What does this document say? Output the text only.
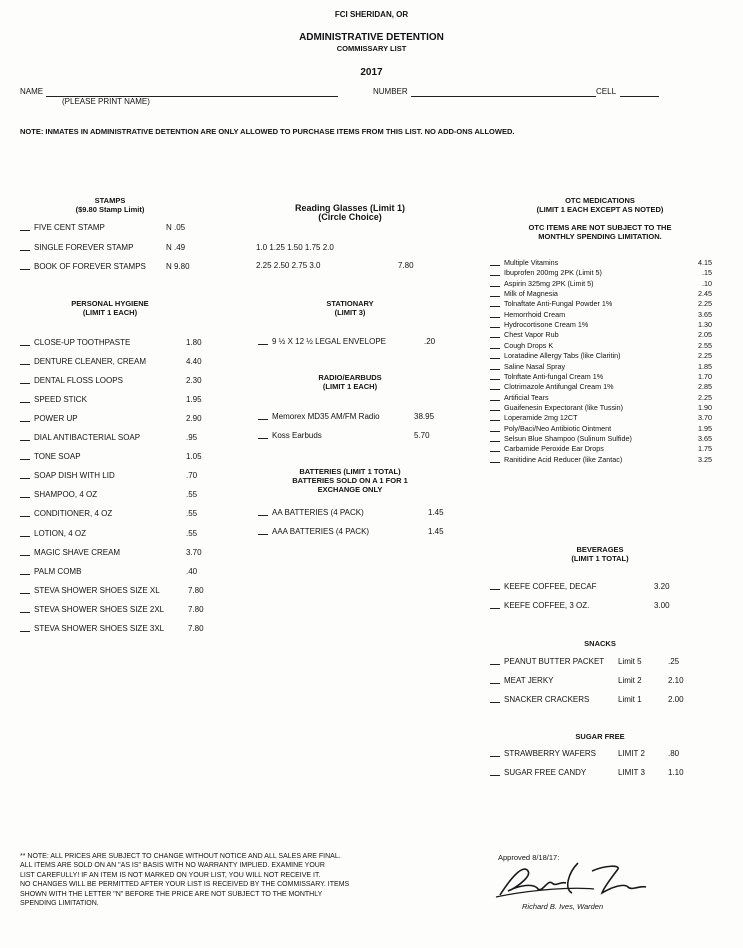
FCI SHERIDAN, OR
ADMINISTRATIVE DETENTION
COMMISSARY LIST
2017
NAME
(PLEASE PRINT NAME)
NUMBER	CELL
NOTE: INMATES IN ADMINISTRATIVE DETENTION ARE ONLY ALLOWED TO PURCHASE ITEMS FROM THIS LIST. NO ADD-ONS ALLOWED.
STAMPS
($9.80 Stamp Limit)
PERSONAL HYGIENE
(LIMIT 1 EACH)
Reading Glasses (Limit 1)
(Circle Choice)
1.0 1.25 1.50 1.75 2.0
2.25 2.50 2.75 3.0	7.80
STATIONARY
(LIMIT 3)
9 ½ X 12 ½ LEGAL ENVELOPE	.20
RADIO/EARBUDS
(LIMIT 1 EACH)
BATTERIES (LIMIT 1 TOTAL)
BATTERIES SOLD ON A 1 FOR 1
EXCHANGE ONLY
OTC MEDICATIONS
(LIMIT 1 EACH EXCEPT AS NOTED)
OTC ITEMS ARE NOT SUBJECT TO THE
MONTHLY SPENDING LIMITATION.
BEVERAGES
(LIMIT 1 TOTAL)
SNACKS
SUGAR FREE
** NOTE: ALL PRICES ARE SUBJECT TO CHANGE WITHOUT NOTICE AND ALL SALES ARE FINAL.
ALL ITEMS ARE SOLD ON AN "AS IS" BASIS WITH NO WARRANTY IMPLIED. EXAMINE YOUR
LIST CAREFULLY! IF AN ITEM IS NOT MARKED ON YOUR LIST, YOU WILL NOT RECEIVE IT.
NO CHANGES WILL BE PERMITTED AFTER YOUR LIST IS RECEIVED BY THE COMMISSARY. ITEMS
SHOWN WITH THE LETTER "N" BEFORE THE PRICE ARE NOT SUBJECT TO THE MONTHLY
SPENDING LIMITATION.
Approved 8/18/17:
Richard B. Ives, Warden
FIVE CENT STAMP	N .05
SINGLE FOREVER STAMP	N .49
BOOK OF FOREVER STAMPS	N 9.80
CLOSE-UP TOOTHPASTE	1.80
DENTURE CLEANER, CREAM	4.40
DENTAL FLOSS LOOPS	2.30
SPEED STICK	1.95
POWER UP	2.90
DIAL ANTIBACTERIAL SOAP	.95
TONE SOAP	1.05
SOAP DISH WITH LID	.70
SHAMPOO, 4 OZ	.55
CONDITIONER, 4 OZ	.55
LOTION, 4 OZ	.55
MAGIC SHAVE CREAM	3.70
PALM COMB	.40
STEVA SHOWER SHOES SIZE XL	7.80
STEVA SHOWER SHOES SIZE 2XL	7.80
STEVA SHOWER SHOES SIZE 3XL	7.80
Memorex MD35 AM/FM Radio	38.95
Koss Earbuds	5.70
AA BATTERIES (4 PACK)	1.45
AAA BATTERIES (4 PACK)	1.45
Multiple Vitamins	4.15
Ibuprofen 200mg 2PK (Limit 5)	.15
Aspirin 325mg 2PK (Limit 5)	.10
Milk of Magnesia	2.45
Tolnaftate Anti-Fungal Powder 1%	2.25
Hemorrhoid Cream	3.65
Hydrocortisone Cream 1%	1.30
Chest Vapor Rub	2.05
Cough Drops K	2.55
Loratadine Allergy Tabs (like Claritin)	2.25
Saline Nasal Spray	1.85
Tolnftate Anti-fungal Cream 1%	1.70
Clotrimazole Antifungal Cream 1%	2.85
Artificial Tears	2.25
Guaifenesin Expectorant (like Tussin)	1.90
Loperamide 2mg 12CT	3.70
Poly/Baci/Neo Antibiotic Ointment	1.95
Selsun Blue Shampoo (Sulinum Sulfide)	3.65
Carbamide Peroxide Ear Drops	1.75
Ranitidine Acid Reducer (like Zantac)	3.25
KEEFE COFFEE, DECAF	3.20
KEEFE COFFEE, 3 OZ.	3.00
PEANUT BUTTER PACKET Limit 5	.25
MEAT JERKY	Limit 2	2.10
SNACKER CRACKERS	Limit 1	2.00
STRAWBERRY WAFERS	LIMIT 2	.80
SUGAR FREE CANDY	LIMIT 3	1.10
